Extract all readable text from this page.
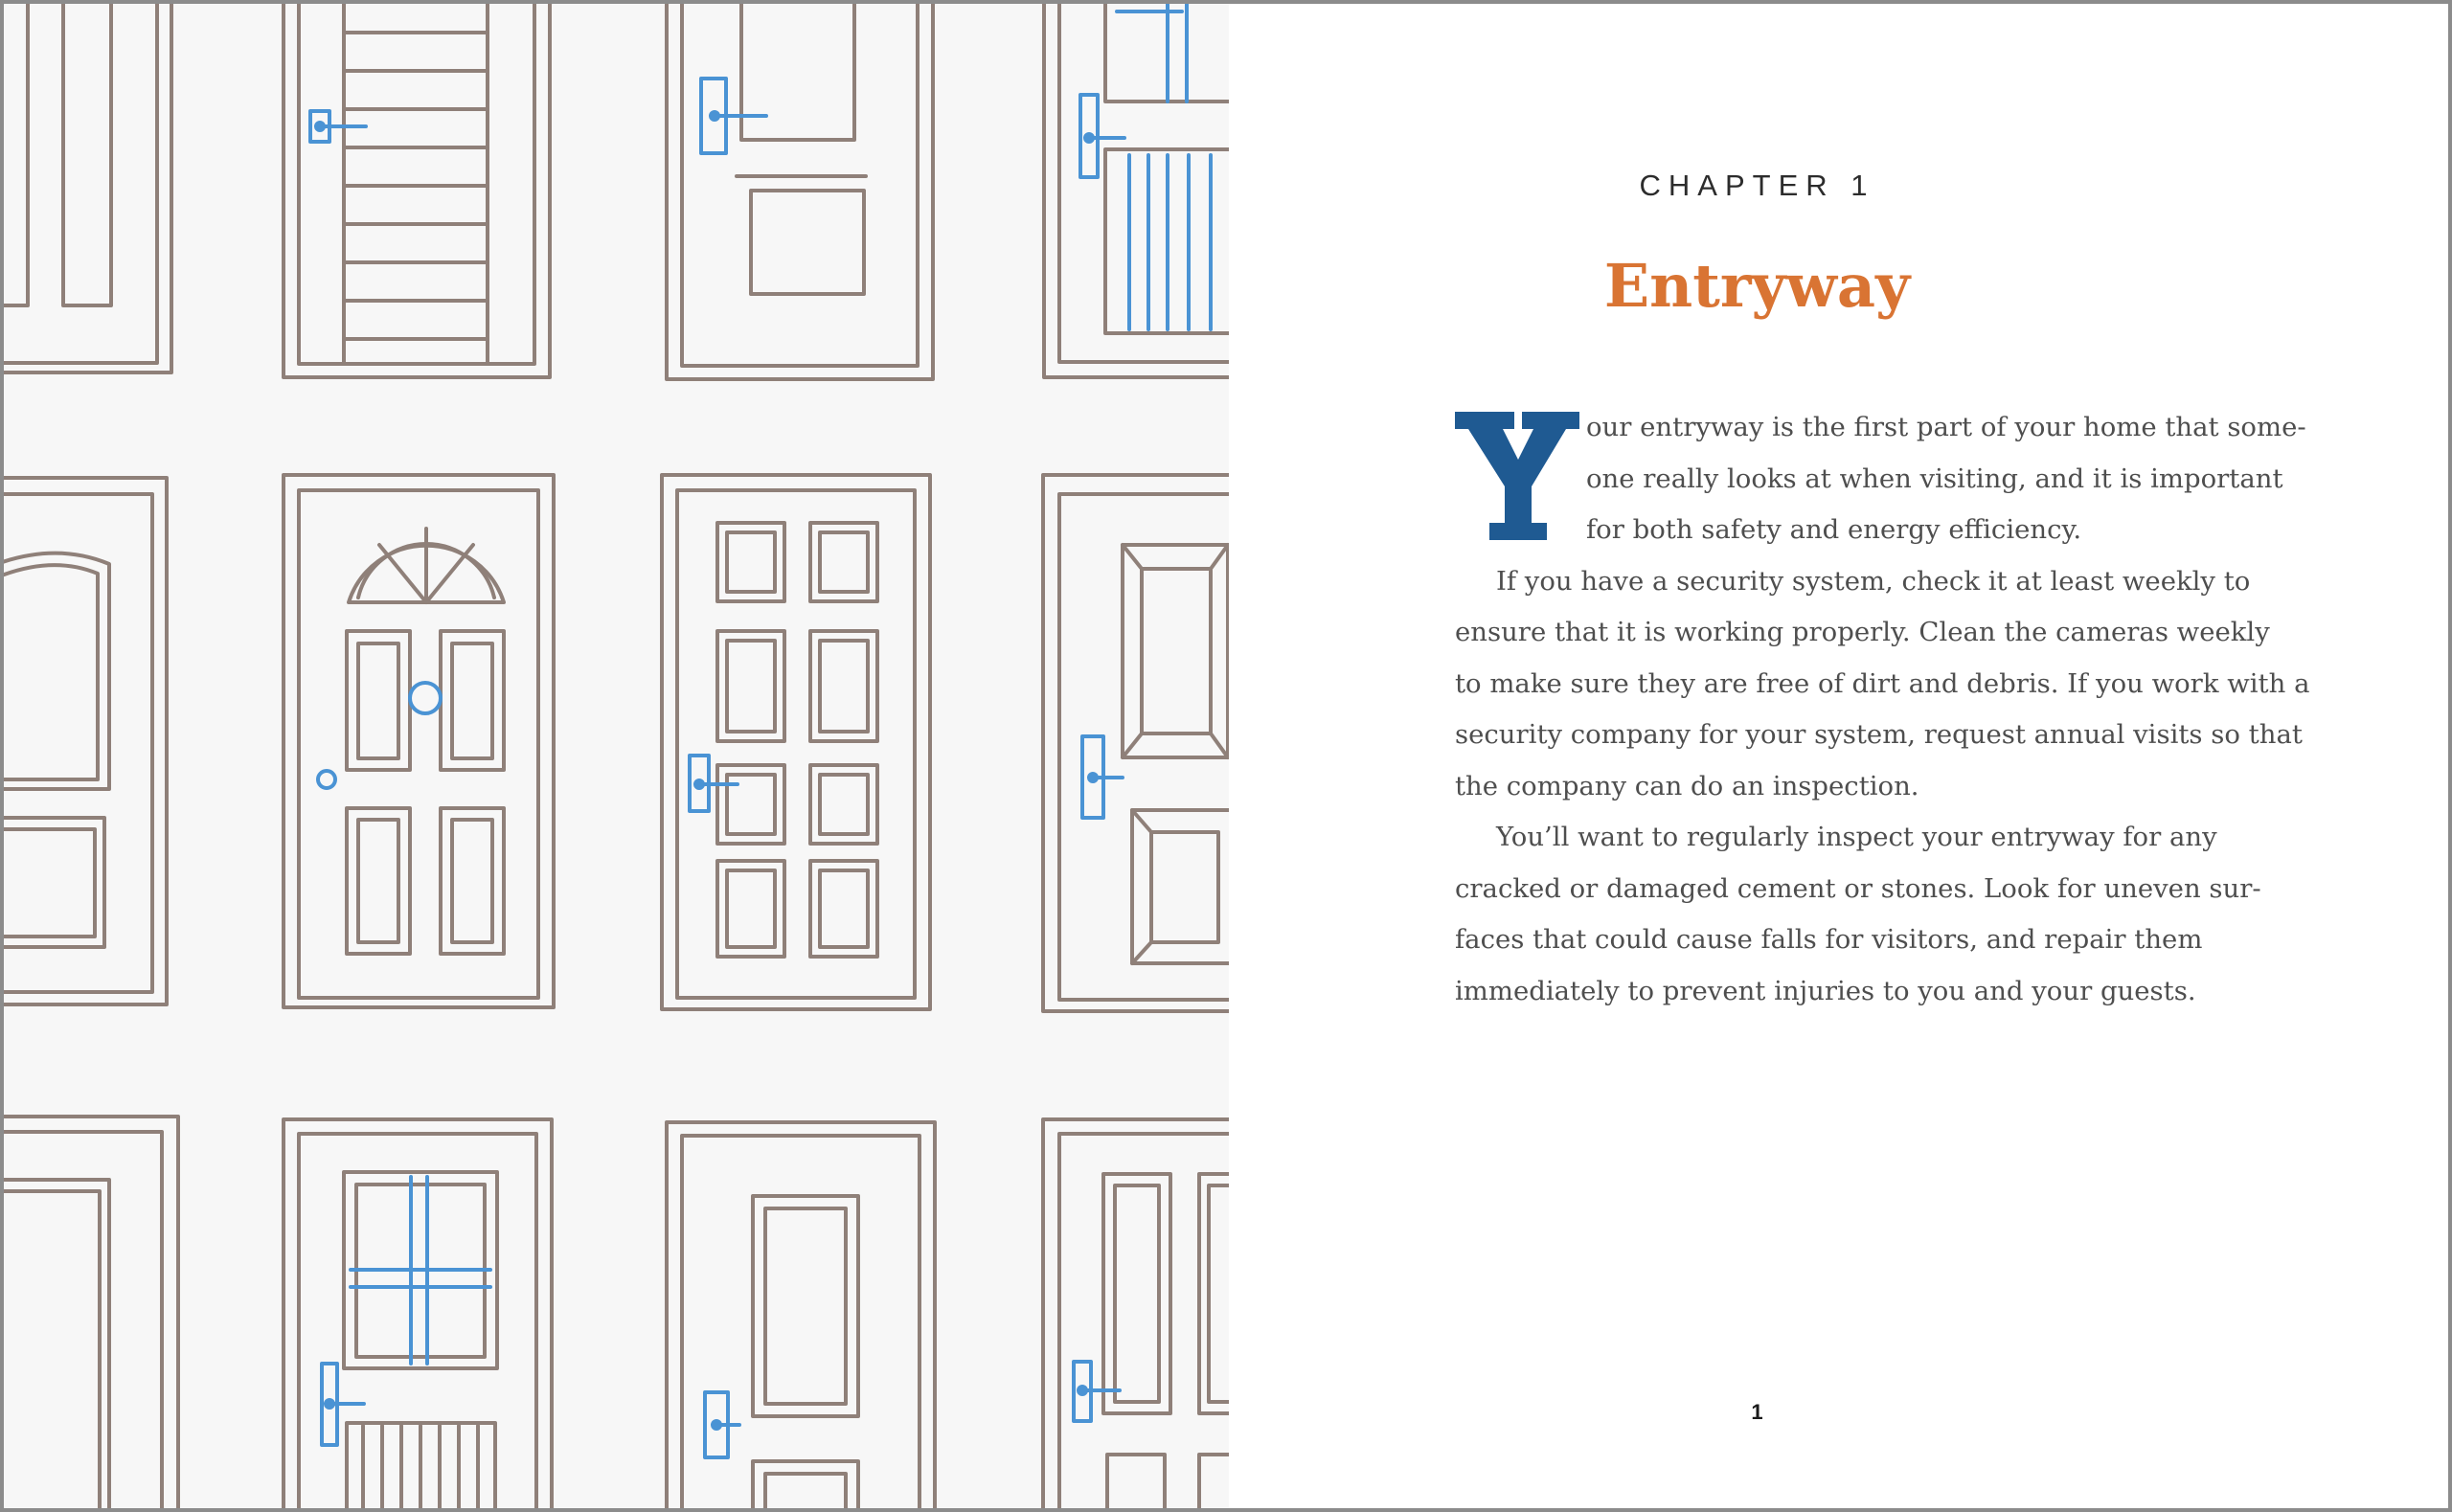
CHAPTER 1
Entryway

our entryway is the first part of your home that some-
one really looks at when visiting, and it is important
for both safety and energy efficiency.

If you have a security system, check it at least weekly to
ensure that it is working properly. Clean the cameras weekly
to make sure they are free of dirt and debris. If you work with a
security company for your system, request annual visits so that
the company can do an inspection.

You’ll want to regularly inspect your entryway for any
cracked or damaged cement or stones. Look for uneven sur-
faces that could cause falls for visitors, and repair them
immediately to prevent injuries to you and your guests.

1
